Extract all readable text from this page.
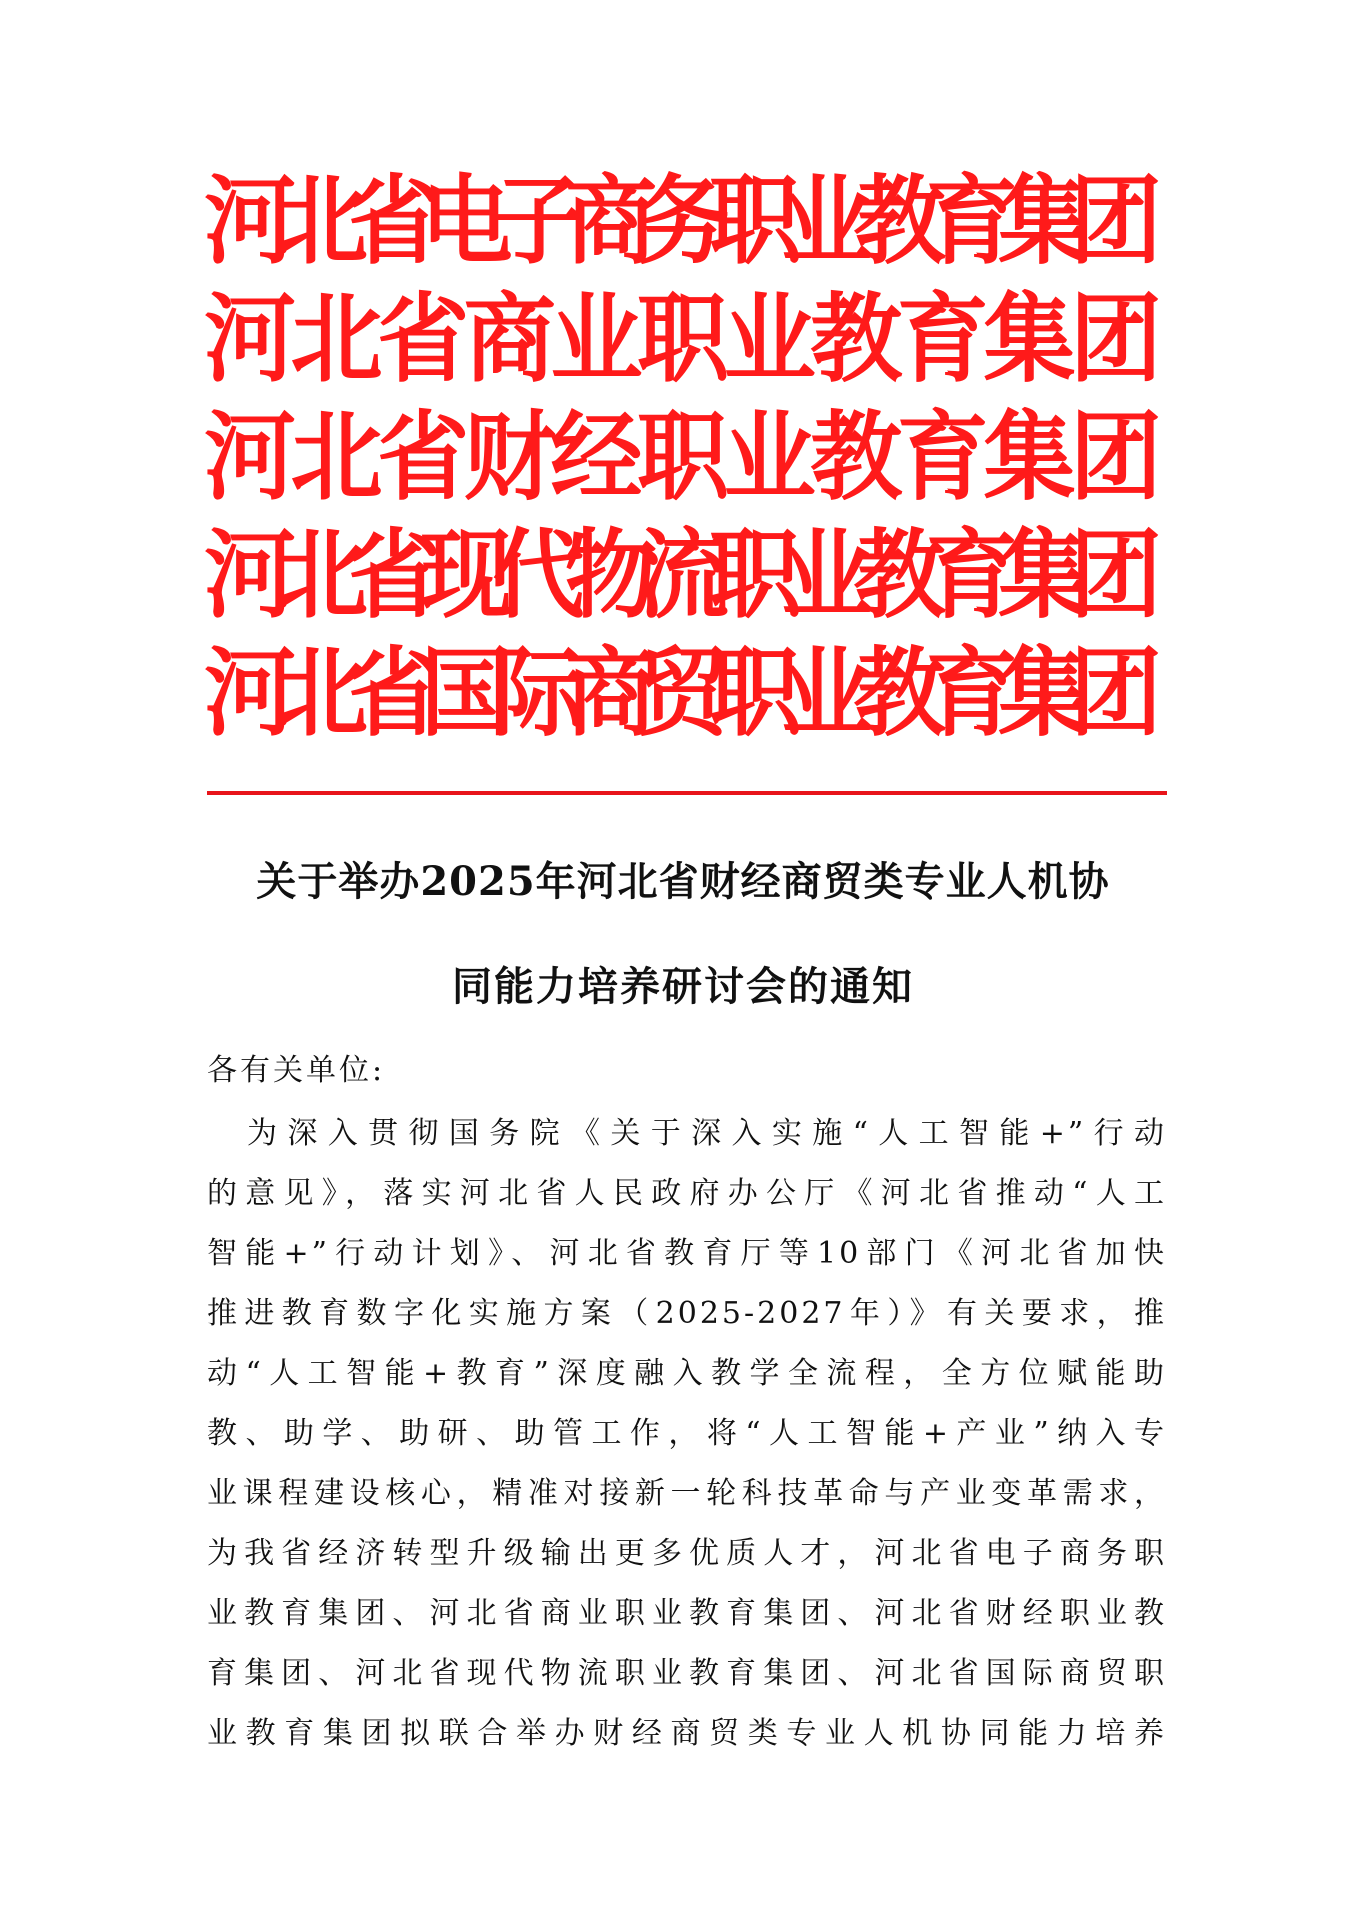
河北省电子商务职业教育集团
河北省商业职业教育集团
河北省财经职业教育集团
河北省现代物流职业教育集团
河北省国际商贸职业教育集团
关于举办2025年河北省财经商贸类专业人机协
同能力培养研讨会的通知
各有关单位:
为深入贯彻国务院《关于深入实施“人工智能+”行动
的意见》，落实河北省人民政府办公厅《河北省推动“人工
智能+”行动计划》、河北省教育厅等10部门《河北省加快
推进教育数字化实施方案（2025-2027年）》有关要求，推
动“人工智能+教育”深度融入教学全流程，全方位赋能助
教、助学、助研、助管工作，将“人工智能+产业”纳入专
业课程建设核心，精准对接新一轮科技革命与产业变革需求，
为我省经济转型升级输出更多优质人才，河北省电子商务职
业教育集团、河北省商业职业教育集团、河北省财经职业教
育集团、河北省现代物流职业教育集团、河北省国际商贸职
业教育集团拟联合举办财经商贸类专业人机协同能力培养
